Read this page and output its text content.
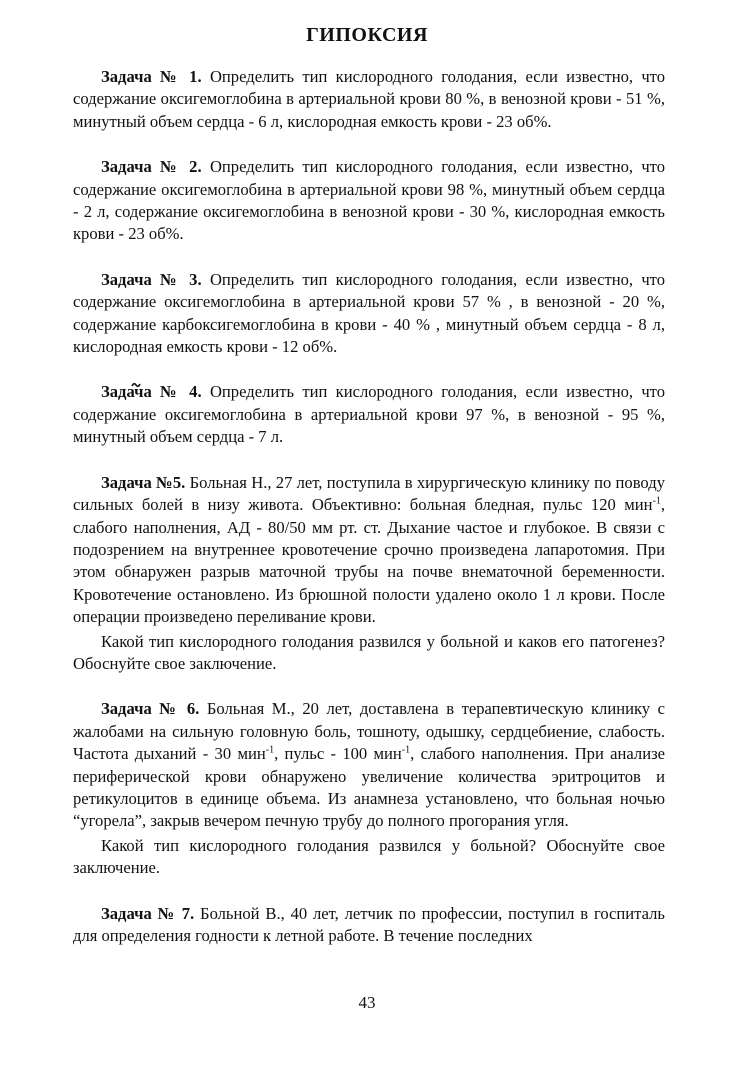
ГИПОКСИЯ

Задача № 1. Определить тип кислородного голодания, если известно, что содержание оксигемоглобина в артериальной крови 80 %, в венозной крови - 51 %, минутный объем сердца - 6 л, кислородная емкость крови - 23 об%.

Задача № 2. Определить тип кислородного голодания, если известно, что содержание оксигемоглобина в артериальной крови 98 %, минутный объем сердца - 2 л, содержание оксигемоглобина в венозной крови - 30 %, кислородная емкость крови - 23 об%.

Задача № 3. Определить тип кислородного голодания, если известно, что содержание оксигемоглобина в артериальной крови 57 % , в венозной - 20 %, содержание карбоксигемоглобина в крови - 40 % , минутный объем сердца - 8 л, кислородная емкость крови - 12 об%.

Задача № 4. Определить тип кислородного голодания, если известно, что содержание оксигемоглобина в артериальной крови 97 %, в венозной - 95 %, минутный объем сердца - 7 л.

Задача №5. Больная Н., 27 лет, поступила в хирургическую клинику по поводу сильных болей в низу живота. Объективно: больная бледная, пульс 120 мин$^{-1}$, слабого наполнения, АД - 80/50 мм рт. ст. Дыхание частое и глубокое. В связи с подозрением на внутреннее кровотечение срочно произведена лапаротомия. При этом обнаружен разрыв маточной трубы на почве внематочной беременности. Кровотечение остановлено. Из брюшной полости удалено около 1 л крови. После операции произведено переливание крови.

Какой тип кислородного голодания развился у больной и каков его патогенез? Обоснуйте свое заключение.

Задача № 6. Больная М., 20 лет, доставлена в терапевтическую клинику с жалобами на сильную головную боль, тошноту, одышку, сердцебиение, слабость. Частота дыханий - 30 мин$^{-1}$, пульс - 100 мин$^{-1}$, слабого наполнения. При анализе периферической крови обнаружено увеличение количества эритроцитов и ретикулоцитов в единице объема. Из анамнеза установлено, что больная ночью “угорела”, закрыв вечером печную трубу до полного прогорания угля.

Какой тип кислородного голодания развился у больной? Обоснуйте свое заключение.

Задача № 7. Больной В., 40 лет, летчик по профессии, поступил в госпиталь для определения годности к летной работе. В течение последних

43
